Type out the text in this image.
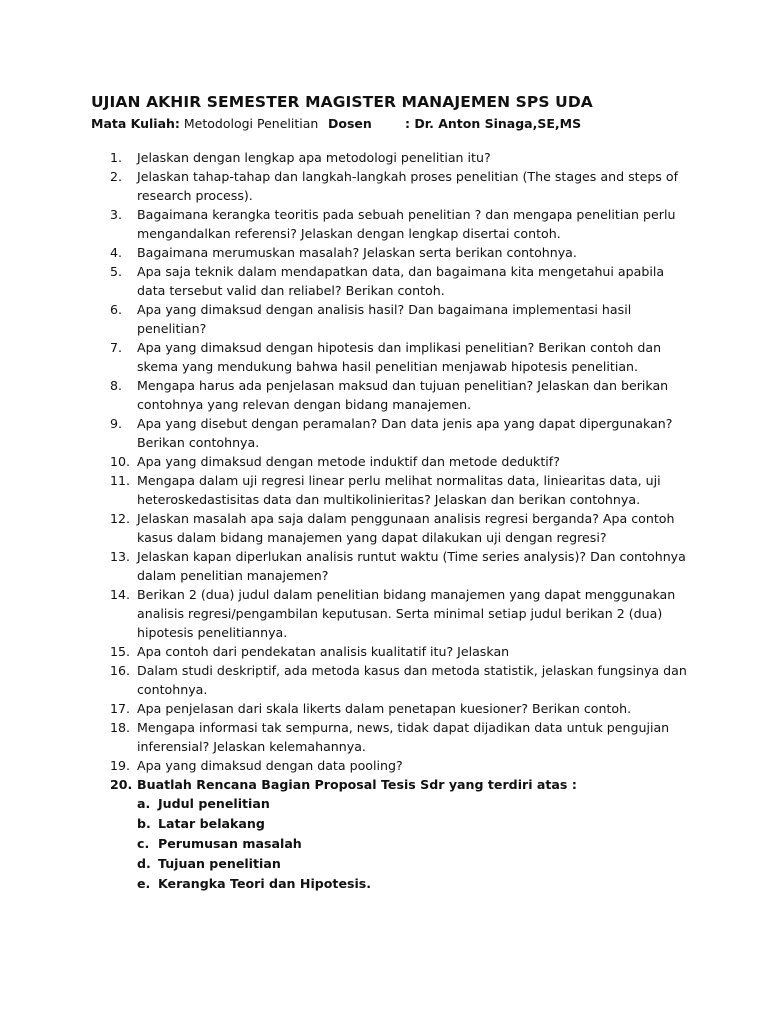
UJIAN AKHIR SEMESTER MAGISTER MANAJEMEN SPS UDA
Mata Kuliah: Metodologi Penelitian Dosen	: Dr. Anton Sinaga,SE,MS
1.	Jelaskan dengan lengkap apa metodologi penelitian itu?
2.	Jelaskan tahap-tahap dan langkah-langkah proses penelitian (The stages and steps of research process).
3.	Bagaimana kerangka teoritis pada sebuah penelitian ? dan mengapa penelitian perlu mengandalkan referensi? Jelaskan dengan lengkap disertai contoh.
4.	Bagaimana merumuskan masalah? Jelaskan serta berikan contohnya.
5.	Apa saja teknik dalam mendapatkan data, dan bagaimana kita mengetahui apabila data tersebut valid dan reliabel? Berikan contoh.
6.	Apa yang dimaksud dengan analisis hasil? Dan bagaimana implementasi hasil penelitian?
7.	Apa yang dimaksud dengan hipotesis dan implikasi penelitian? Berikan contoh dan skema yang mendukung bahwa hasil penelitian menjawab hipotesis penelitian.
8.	Mengapa harus ada penjelasan maksud dan tujuan penelitian? Jelaskan dan berikan contohnya yang relevan dengan bidang manajemen.
9.	Apa yang disebut dengan peramalan? Dan data jenis apa yang dapat dipergunakan? Berikan contohnya.
10. Apa yang dimaksud dengan metode induktif dan metode deduktif?
11. Mengapa dalam uji regresi linear perlu melihat normalitas data, liniearitas data, uji heteroskedastisitas data dan multikolinieritas? Jelaskan dan berikan contohnya.
12. Jelaskan masalah apa saja dalam penggunaan analisis regresi berganda? Apa contoh kasus dalam bidang manajemen yang dapat dilakukan uji dengan regresi?
13. Jelaskan kapan diperlukan analisis runtut waktu (Time series analysis)? Dan contohnya dalam penelitian manajemen?
14. Berikan 2 (dua) judul dalam penelitian bidang manajemen yang dapat menggunakan analisis regresi/pengambilan keputusan. Serta minimal setiap judul berikan 2 (dua) hipotesis penelitiannya.
15. Apa contoh dari pendekatan analisis kualitatif itu? Jelaskan
16. Dalam studi deskriptif, ada metoda kasus dan metoda statistik, jelaskan fungsinya dan contohnya.
17. Apa penjelasan dari skala likerts dalam penetapan kuesioner? Berikan contoh.
18. Mengapa informasi tak sempurna, news, tidak dapat dijadikan data untuk pengujian inferensial? Jelaskan kelemahannya.
19. Apa yang dimaksud dengan data pooling?
20. Buatlah Rencana Bagian Proposal Tesis Sdr yang terdiri atas :
a. Judul penelitian
b. Latar belakang
c. Perumusan masalah
d. Tujuan penelitian
e. Kerangka Teori dan Hipotesis.
